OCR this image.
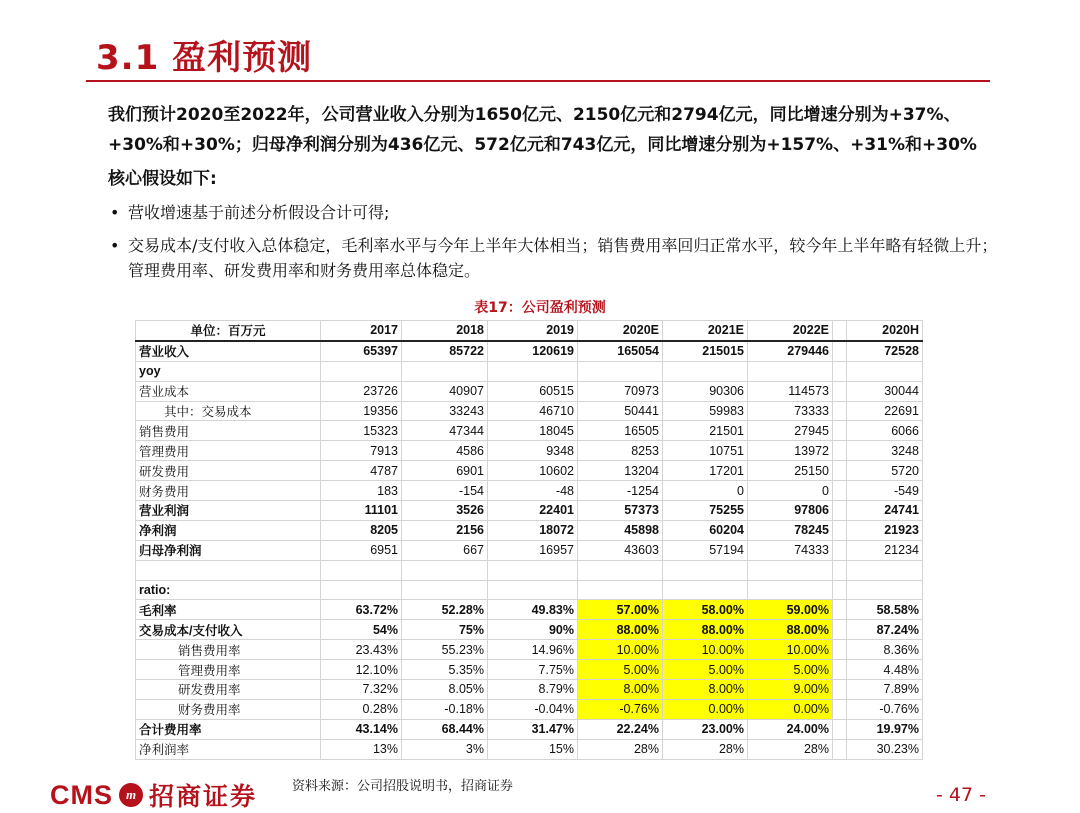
3.1 盈利预测
我们预计2020至2022年，公司营业收入分别为1650亿元、2150亿元和2794亿元，同比增速分别为+37%、+30%和+30%；归母净利润分别为436亿元、572亿元和743亿元，同比增速分别为+157%、+31%和+30%
核心假设如下:
• 营收增速基于前述分析假设合计可得;
• 交易成本/支付收入总体稳定，毛利率水平与今年上半年大体相当；销售费用率回归正常水平，较今年上半年略有轻微上升；管理费用率、研发费用率和财务费用率总体稳定。
表17：公司盈利预测
单位：百万元	2017	2018	2019	2020E	2021E	2022E		2020H
营业收入	65397	85722	120619	165054	215015	279446		72528
yoy								
营业成本	23726	40907	60515	70973	90306	114573		30044
其中：交易成本	19356	33243	46710	50441	59983	73333		22691
销售费用	15323	47344	18045	16505	21501	27945		6066
管理费用	7913	4586	9348	8253	10751	13972		3248
研发费用	4787	6901	10602	13204	17201	25150		5720
财务费用	183	-154	-48	-1254	0	0		-549
营业利润	11101	3526	22401	57373	75255	97806		24741
净利润	8205	2156	18072	45898	60204	78245		21923
归母净利润	6951	667	16957	43603	57194	74333		21234

ratio:								
毛利率	63.72%	52.28%	49.83%	57.00%	58.00%	59.00%		58.58%
交易成本/支付收入	54%	75%	90%	88.00%	88.00%	88.00%		87.24%
销售费用率	23.43%	55.23%	14.96%	10.00%	10.00%	10.00%		8.36%
管理费用率	12.10%	5.35%	7.75%	5.00%	5.00%	5.00%		4.48%
研发费用率	7.32%	8.05%	8.79%	8.00%	8.00%	9.00%		7.89%
财务费用率	0.28%	-0.18%	-0.04%	-0.76%	0.00%	0.00%		-0.76%
合计费用率	43.14%	68.44%	31.47%	22.24%	23.00%	24.00%		19.97%
净利润率	13%	3%	15%	28%	28%	28%		30.23%
CMS m 招商证券	资料来源：公司招股说明书，招商证券	- 47 -
